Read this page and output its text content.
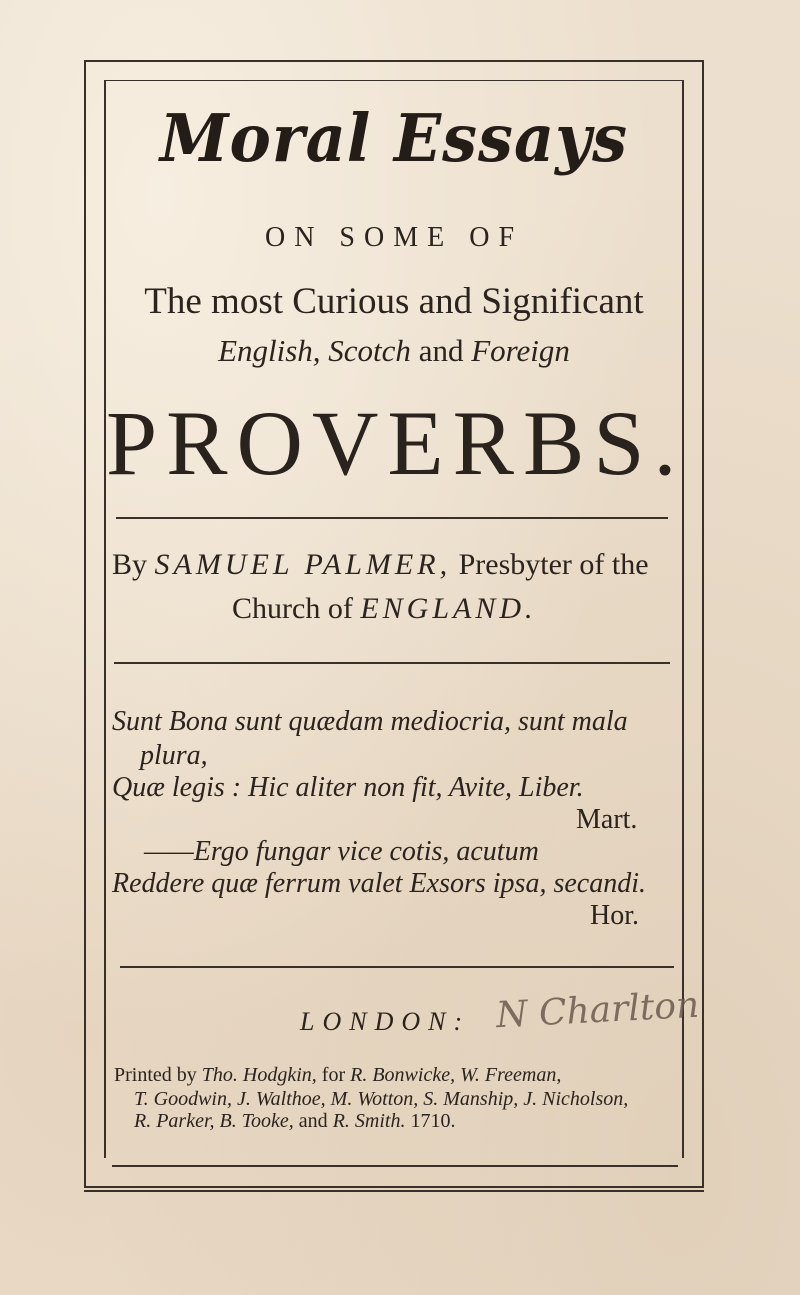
Moral Essays
ON SOME OF
The most Curious and Significant
English, Scotch and Foreign
PROVERBS.
By SAMUEL PALMER, Presbyter of the
Church of ENGLAND.
Sunt Bona sunt quædam mediocria, sunt mala
plura,
Quæ legis : Hic aliter non fit, Avite, Liber.
Mart.
——Ergo fungar vice cotis, acutum
Reddere quæ ferrum valet Exsors ipsa, secandi.
Hor.
LONDON: N Charlton
Printed by Tho. Hodgkin, for R. Bonwicke, W. Freeman,
T. Goodwin, J. Walthoe, M. Wotton, S. Manship, J. Nicholson,
R. Parker, B. Tooke, and R. Smith. 1710.
